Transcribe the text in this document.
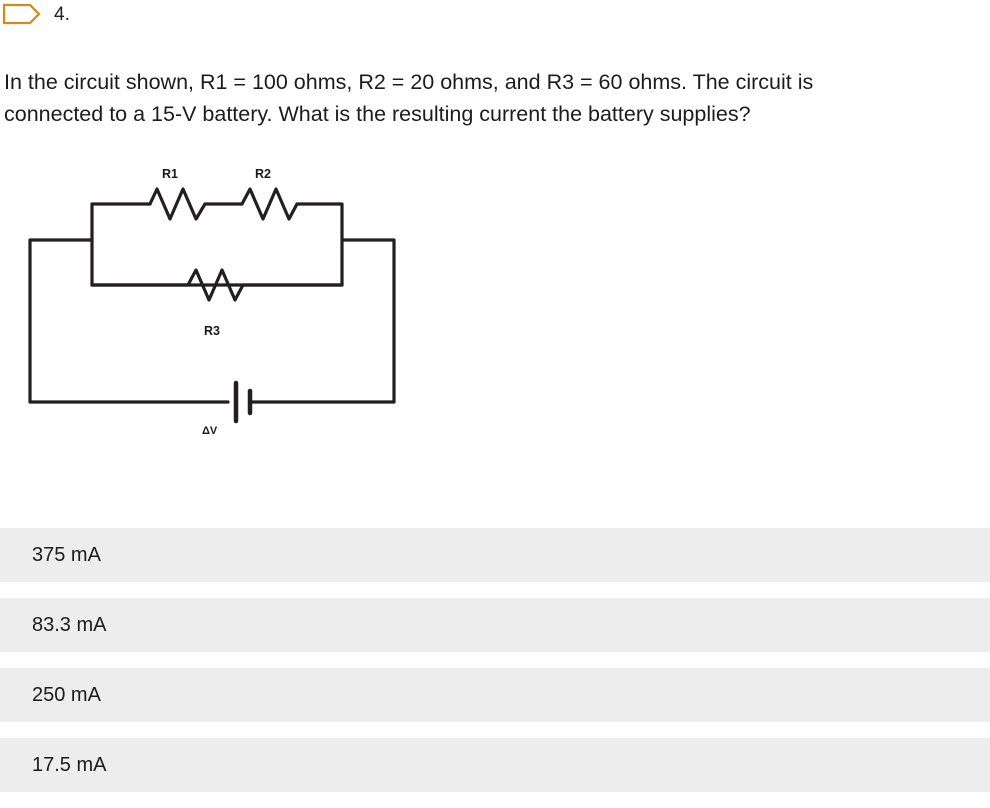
4.
In the circuit shown, R1 = 100 ohms, R2 = 20 ohms, and R3 = 60 ohms. The circuit is connected to a 15-V battery. What is the resulting current the battery supplies?
R1	R2
R3
ΔV
375 mA
83.3 mA
250 mA
17.5 mA
